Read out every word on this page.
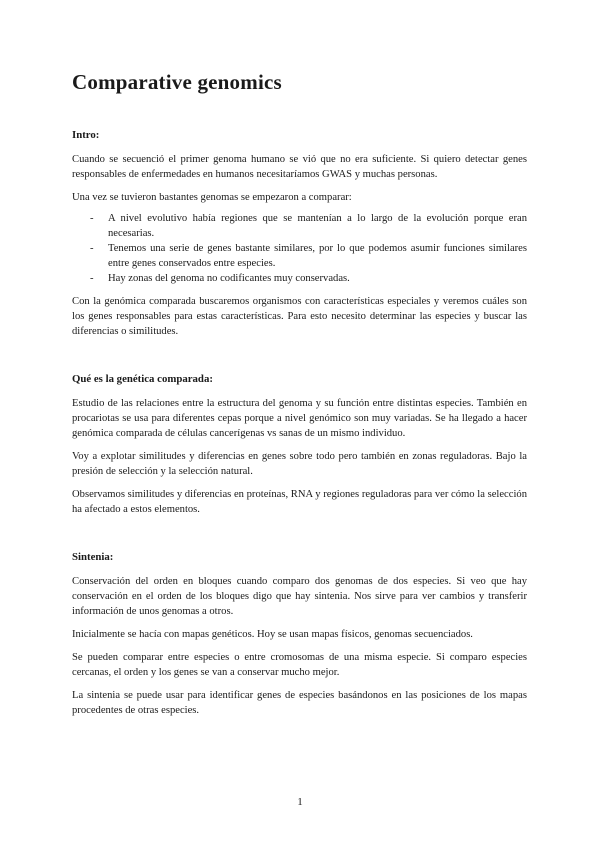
Comparative genomics
Intro:

Cuando se secuenció el primer genoma humano se vió que no era suficiente. Si quiero detectar genes responsables de enfermedades en humanos necesitaríamos GWAS y muchas personas.

Una vez se tuvieron bastantes genomas se empezaron a comparar:

- A nivel evolutivo había regiones que se mantenían a lo largo de la evolución porque eran necesarias.
- Tenemos una serie de genes bastante similares, por lo que podemos asumir funciones similares entre genes conservados entre especies.
- Hay zonas del genoma no codificantes muy conservadas.

Con la genómica comparada buscaremos organismos con características especiales y veremos cuáles son los genes responsables para estas características. Para esto necesito determinar las especies y buscar las diferencias o similitudes.

Qué es la genética comparada:

Estudio de las relaciones entre la estructura del genoma y su función entre distintas especies. También en procariotas se usa para diferentes cepas porque a nivel genómico son muy variadas. Se ha llegado a hacer genómica comparada de células cancerígenas vs sanas de un mismo individuo.

Voy a explotar similitudes y diferencias en genes sobre todo pero también en zonas reguladoras. Bajo la presión de selección y la selección natural.

Observamos similitudes y diferencias en proteínas, RNA y regiones reguladoras para ver cómo la selección ha afectado a estos elementos.

Sintenia:

Conservación del orden en bloques cuando comparo dos genomas de dos especies. Si veo que hay conservación en el orden de los bloques digo que hay sintenia. Nos sirve para ver cambios y transferir información de unos genomas a otros.

Inicialmente se hacía con mapas genéticos. Hoy se usan mapas físicos, genomas secuenciados.

Se pueden comparar entre especies o entre cromosomas de una misma especie. Si comparo especies cercanas, el orden y los genes se van a conservar mucho mejor.

La sintenia se puede usar para identificar genes de especies basándonos en las posiciones de los mapas procedentes de otras especies.

1
